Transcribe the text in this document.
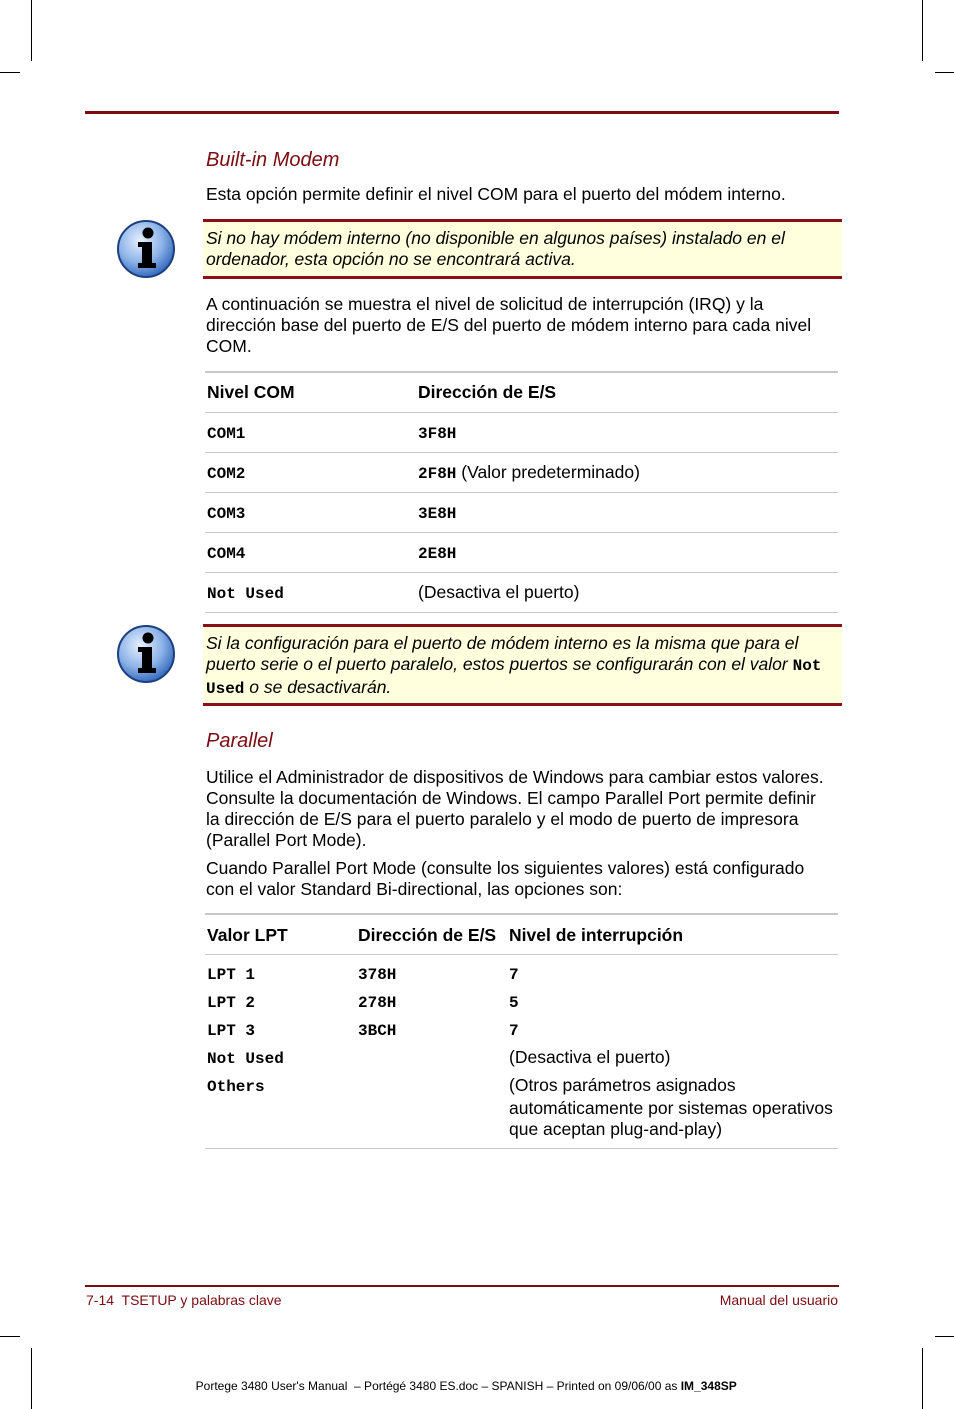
Built-in Modem
Esta opción permite definir el nivel COM para el puerto del módem interno.
Si no hay módem interno (no disponible en algunos países) instalado en el ordenador, esta opción no se encontrará activa.
A continuación se muestra el nivel de solicitud de interrupción (IRQ) y la dirección base del puerto de E/S del puerto de módem interno para cada nivel COM.
Nivel COM	Dirección de E/S
COM1	3F8H
COM2	2F8H (Valor predeterminado)
COM3	3E8H
COM4	2E8H
Not Used	(Desactiva el puerto)
Si la configuración para el puerto de módem interno es la misma que para el puerto serie o el puerto paralelo, estos puertos se configurarán con el valor Not Used o se desactivarán.
Parallel
Utilice el Administrador de dispositivos de Windows para cambiar estos valores. Consulte la documentación de Windows. El campo Parallel Port permite definir la dirección de E/S para el puerto paralelo y el modo de puerto de impresora (Parallel Port Mode).
Cuando Parallel Port Mode (consulte los siguientes valores) está configurado con el valor Standard Bi-directional, las opciones son:
Valor LPT	Dirección de E/S	Nivel de interrupción
LPT 1	378H	7
LPT 2	278H	5
LPT 3	3BCH	7
Not Used		(Desactiva el puerto)
Others		(Otros parámetros asignados automáticamente por sistemas operativos que aceptan plug-and-play)
7-14  TSETUP y palabras clave	Manual del usuario

Portege 3480 User's Manual  – Portégé 3480 ES.doc – SPANISH – Printed on 09/06/00 as IM_348SP
